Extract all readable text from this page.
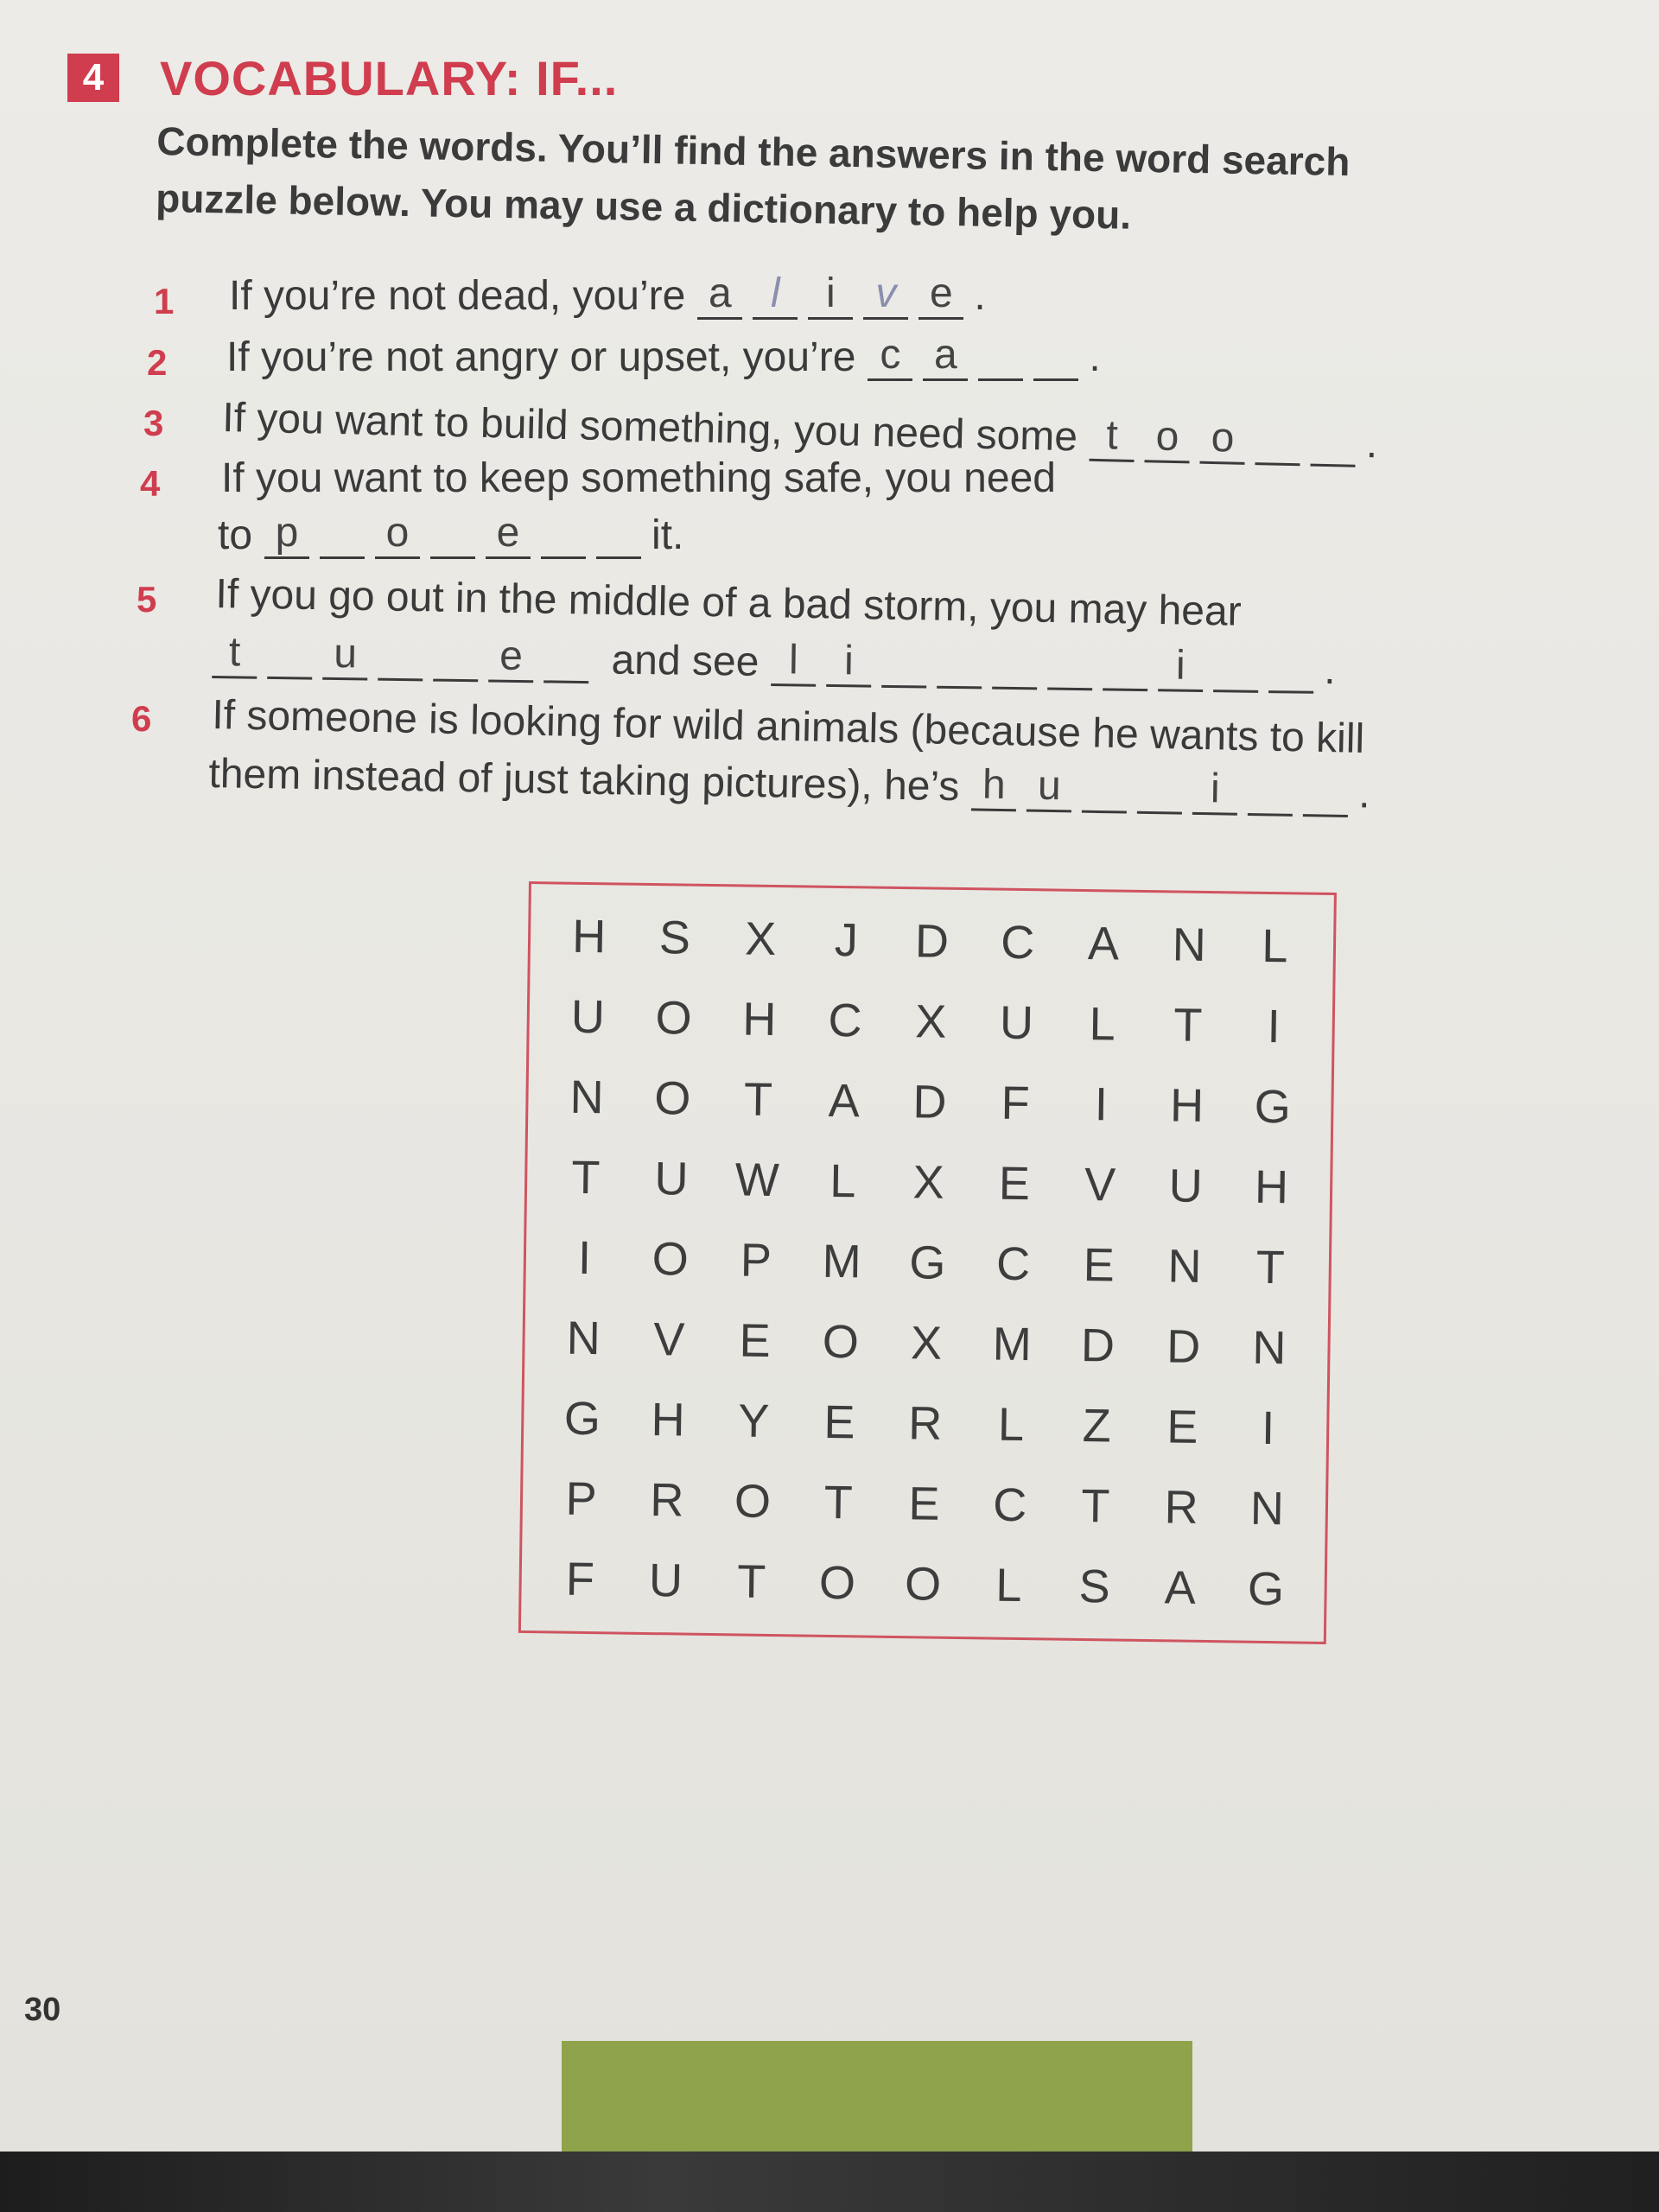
4	VOCABULARY: IF...
Complete the words. You’ll find the answers in the word search
puzzle below. You may use a dictionary to help you.
1 If you’re not dead, you’re a l i v e .
2 If you’re not angry or upset, you’re c a	.
3 If you want to build something, you need some t o o	.
4 If you want to keep something safe, you need
to p o e	it.
5 If you go out in the middle of a bad storm, you may hear
t u	e and see l i	i	.
6 If someone is looking for wild animals (because he wants to kill
them instead of just taking pictures), he’s h u	i	.
H	S	X	J	D	C	A	N	L
U	O	H	C	X	U	L	T	I
N	O	T	A	D	F	I	H	G
T	U W	L	X	E	V	U	H
I	O	P	M	G	C	E	N	T
N	V	E	O	X	M	D	D	N
G	H	Y	E	R	L	Z	E	I
P	R	O	T	E	C	T	R	N
F	U	T	O	O	L	S	A	G
30
